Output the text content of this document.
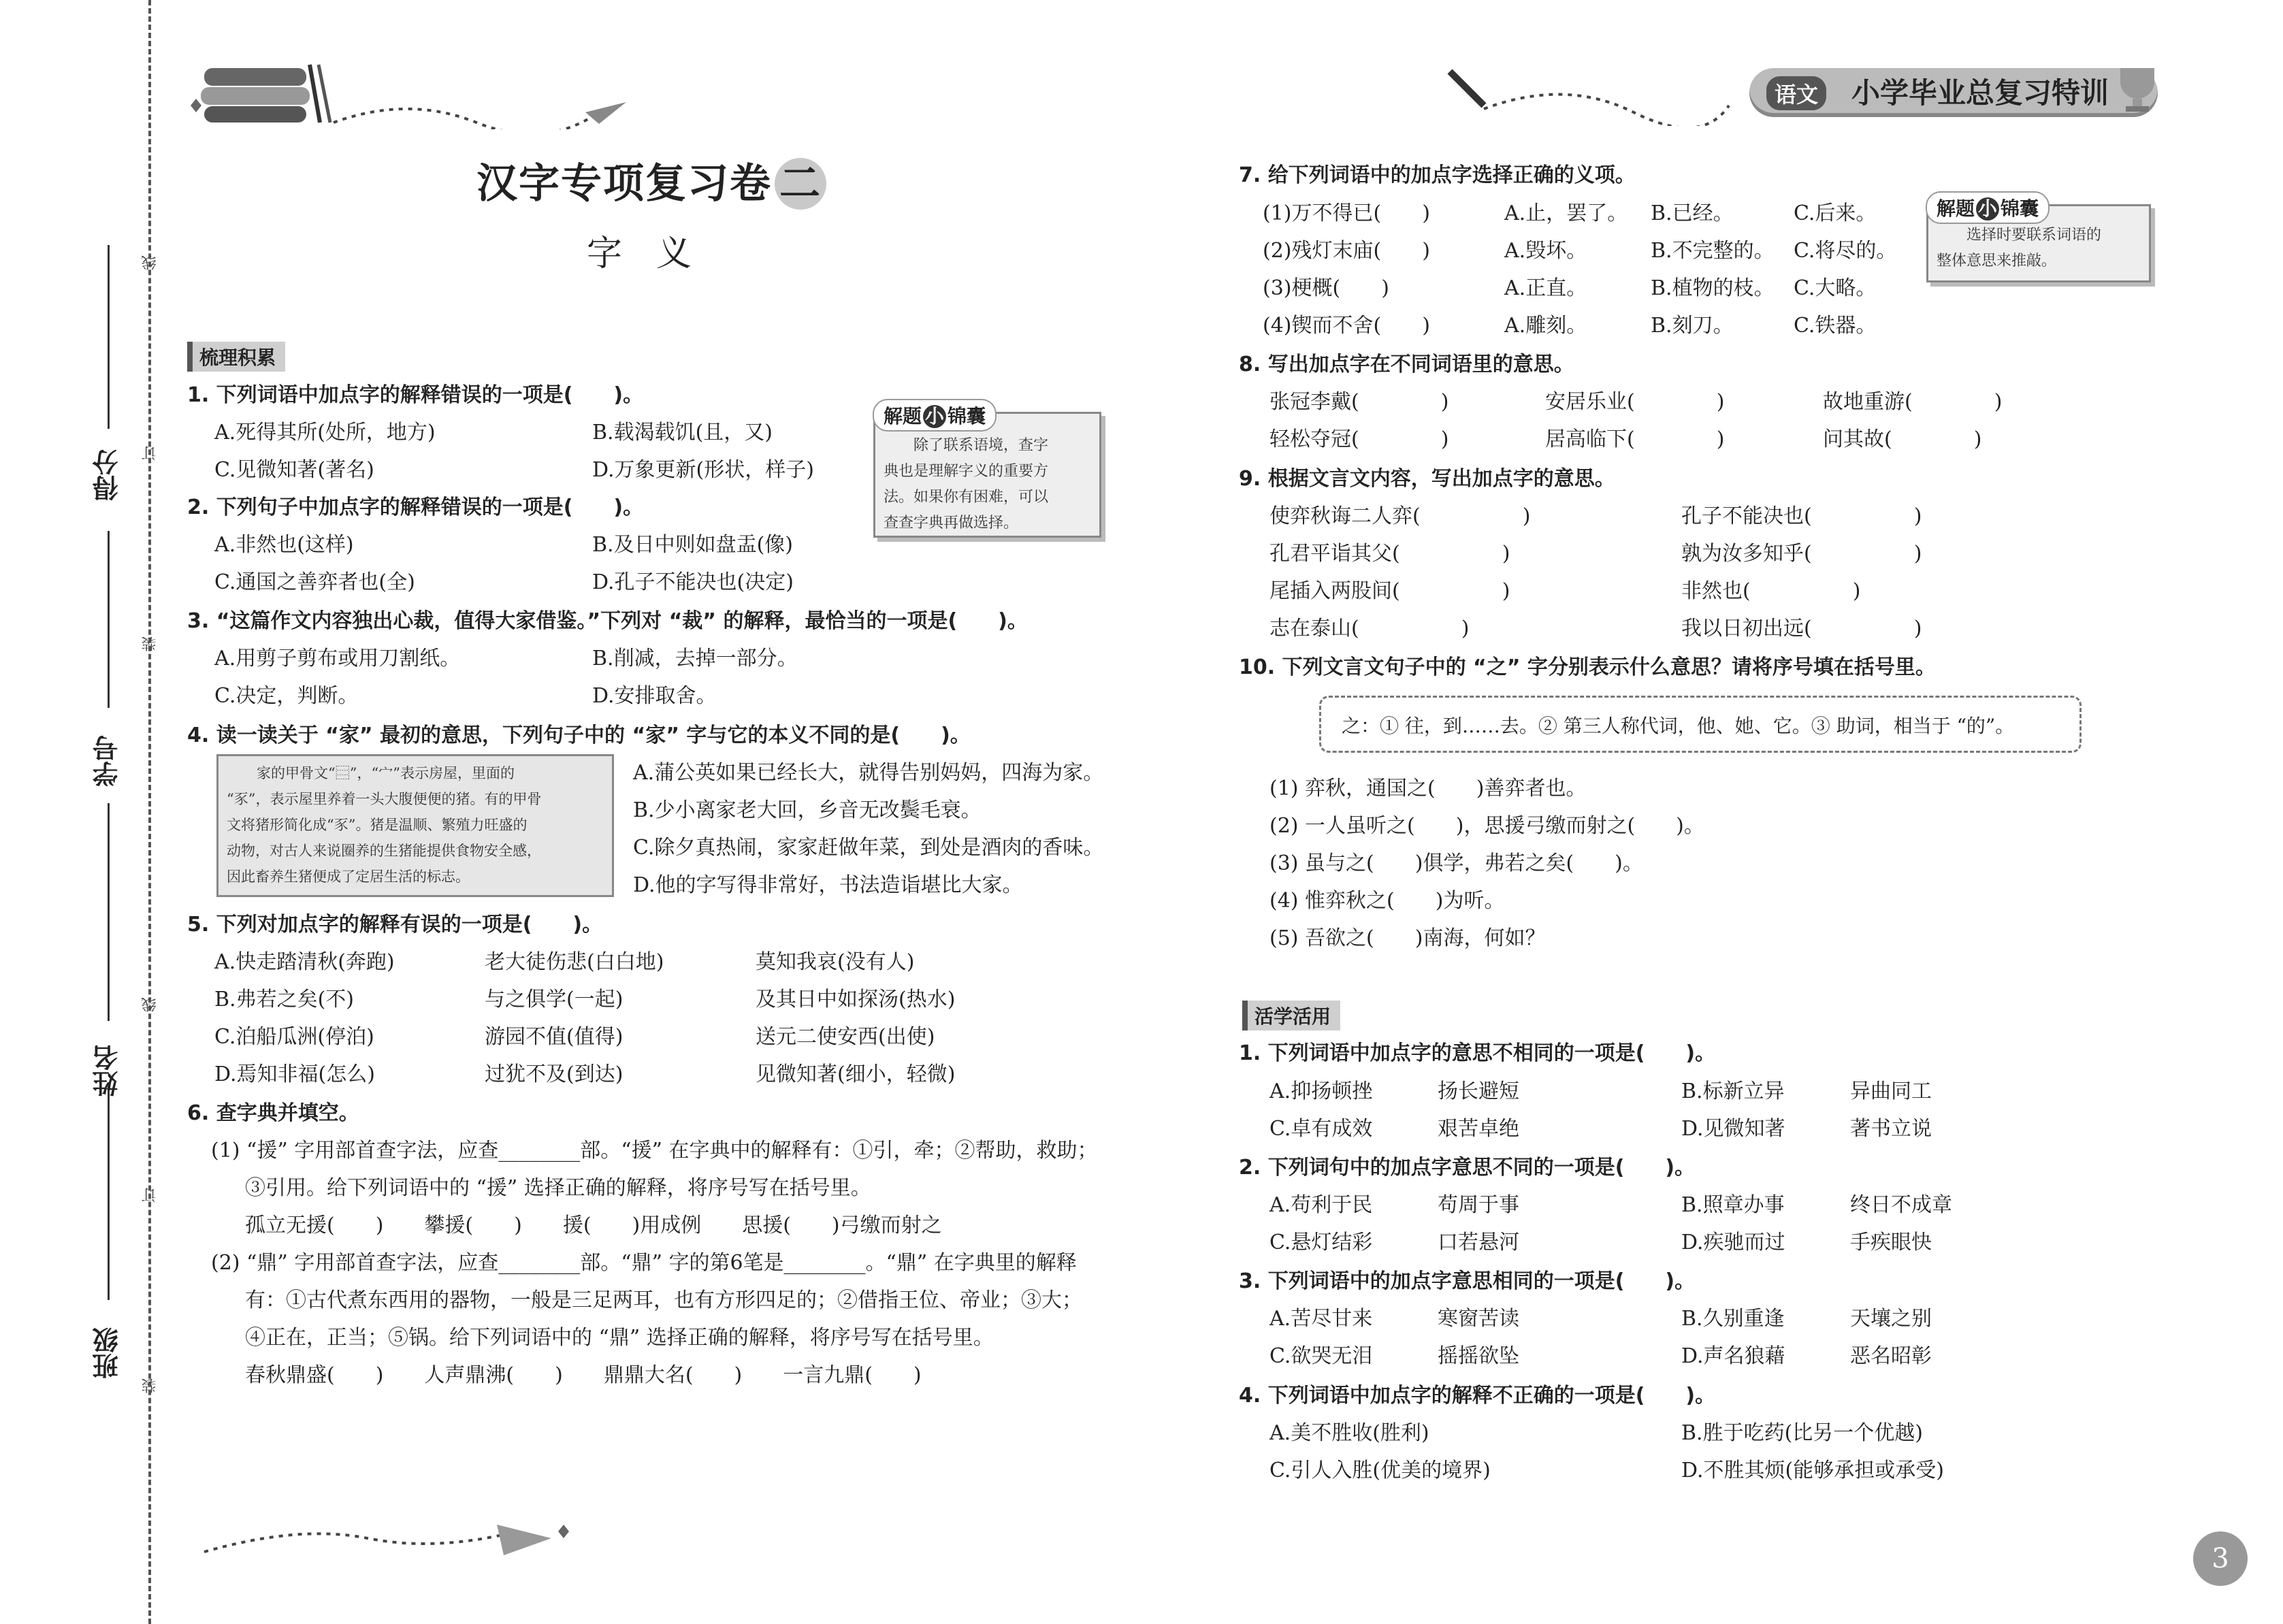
语文 小学毕业总复习特训
班级
姓名
学号
得分
线
订
装
线
订
装
汉字专项复习卷 二
字义
梳理积累
1. 下列词语中加点字的解释错误的一项是(　　)。
A.死得其所(处所，地方)	B.载渴载饥(且，又)
C.见微知著(著名)	D.万象更新(形状，样子)
解题 小 锦囊
除了联系语境，查字
典也是理解字义的重要方
法。如果你有困难，可以
查查字典再做选择。
2. 下列句子中加点字的解释错误的一项是(　　)。
A.非然也(这样)	B.及日中则如盘盂(像)
C.通国之善弈者也(全)	D.孔子不能决也(决定)
3. “这篇作文内容独出心裁，值得大家借鉴。”下列对 “裁” 的解释，最恰当的一项是(　　)。
A.用剪子剪布或用刀割纸。	B.削减，去掉一部分。
C.决定，判断。	D.安排取舍。
4. 读一读关于 “家” 最初的意思，下列句子中的 “家” 字与它的本义不同的是(　　)。
家的甲骨文“⿳”，“宀”表示房屋，里面的
“豕”，表示屋里养着一头大腹便便的猪。有的甲骨
文将猪形简化成“豕”。猪是温顺、繁殖力旺盛的
动物，对古人来说圈养的生猪能提供食物安全感，
因此畜养生猪便成了定居生活的标志。
A.蒲公英如果已经长大，就得告别妈妈，四海为家。
B.少小离家老大回，乡音无改鬓毛衰。
C.除夕真热闹，家家赶做年菜，到处是酒肉的香味。
D.他的字写得非常好，书法造诣堪比大家。
5. 下列对加点字的解释有误的一项是(　　)。
A.快走踏清秋(奔跑)	老大徒伤悲(白白地)	莫知我哀(没有人)
B.弗若之矣(不)	与之俱学(一起)	及其日中如探汤(热水)
C.泊船瓜洲(停泊)	游园不值(值得)	送元二使安西(出使)
D.焉知非福(怎么)	过犹不及(到达)	见微知著(细小，轻微)
6. 查字典并填空。
(1) “援” 字用部首查字法，应查________部。“援” 在字典中的解释有：①引，牵；②帮助，救助；
③引用。给下列词语中的 “援” 选择正确的解释，将序号写在括号里。
孤立无援(　　)　　攀援(　　)　　援(　　)用成例　　思援(　　)弓缴而射之
(2) “鼎” 字用部首查字法，应查________部。“鼎” 字的第6笔是________。“鼎” 在字典里的解释
有：①古代煮东西用的器物，一般是三足两耳，也有方形四足的；②借指王位、帝业；③大；
④正在，正当；⑤锅。给下列词语中的 “鼎” 选择正确的解释，将序号写在括号里。
春秋鼎盛(　　)　　人声鼎沸(　　)　　鼎鼎大名(　　)　　一言九鼎(　　)
7. 给下列词语中的加点字选择正确的义项。
(1)万不得已(　　)	A.止，罢了。 B.已经。	C.后来。
(2)残灯末庙(　　)	A.毁坏。	B.不完整的。 C.将尽的。
(3)梗概(　　)	A.正直。	B.植物的枝。 C.大略。
(4)锲而不舍(　　)	A.雕刻。	B.刻刀。	C.铁器。
解题 小 锦囊
选择时要联系词语的
整体意思来推敲。
8. 写出加点字在不同词语里的意思。
张冠李戴(　　　　)	安居乐业(　　　　)	故地重游(　　　　)
轻松夺冠(　　　　)	居高临下(　　　　)	问其故(　　　　)
9. 根据文言文内容，写出加点字的意思。
使弈秋诲二人弈(　　　　　)	孔子不能决也(　　　　　)
孔君平诣其父(　　　　　)	孰为汝多知乎(　　　　　)
尾插入两股间(　　　　　)	非然也(　　　　　)
志在泰山(　　　　　)	我以日初出远(　　　　　)
10. 下列文言文句子中的 “之” 字分别表示什么意思？请将序号填在括号里。
之：① 往，到……去。② 第三人称代词，他、她、它。③ 助词，相当于 “的”。
(1) 弈秋，通国之(　　)善弈者也。
(2) 一人虽听之(　　)，思援弓缴而射之(　　)。
(3) 虽与之(　　)俱学，弗若之矣(　　)。
(4) 惟弈秋之(　　)为听。
(5) 吾欲之(　　)南海，何如？
活学活用
1. 下列词语中加点字的意思不相同的一项是(　　)。
A.抑扬顿挫	扬长避短	B.标新立异	异曲同工
C.卓有成效	艰苦卓绝	D.见微知著	著书立说
2. 下列词句中的加点字意思不同的一项是(　　)。
A.苟利于民	苟周于事	B.照章办事	终日不成章
C.悬灯结彩	口若悬河	D.疾驰而过	手疾眼快
3. 下列词语中的加点字意思相同的一项是(　　)。
A.苦尽甘来	寒窗苦读	B.久别重逢	天壤之别
C.欲哭无泪	摇摇欲坠	D.声名狼藉	恶名昭彰
4. 下列词语中加点字的解释不正确的一项是(　　)。
A.美不胜收(胜利)	B.胜于吃药(比另一个优越)
C.引人入胜(优美的境界)	D.不胜其烦(能够承担或承受)
3
